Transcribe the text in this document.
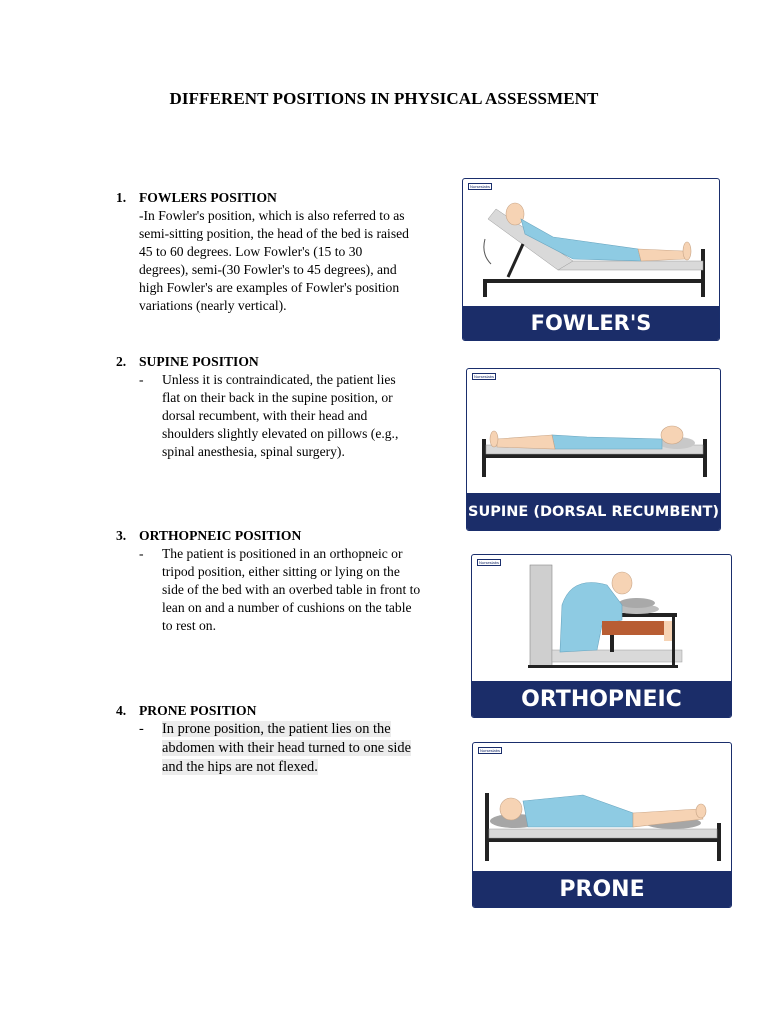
DIFFERENT POSITIONS IN PHYSICAL ASSESSMENT
1. FOWLERS POSITION
-In Fowler's position, which is also referred to as
semi-sitting position, the head of the bed is raised
45 to 60 degrees. Low Fowler's (15 to 30
degrees), semi-(30 Fowler's to 45 degrees), and
high Fowler's are examples of Fowler's position
variations (nearly vertical).
2. SUPINE POSITION
-	Unless it is contraindicated, the patient lies
flat on their back in the supine position, or
dorsal recumbent, with their head and
shoulders slightly elevated on pillows (e.g.,
spinal anesthesia, spinal surgery).
3. ORTHOPNEIC POSITION
-	The patient is positioned in an orthopneic or
tripod position, either sitting or lying on the
side of the bed with an overbed table in front to
lean on and a number of cushions on the table
to rest on.
4. PRONE POSITION
-	In prone position, the patient lies on the
abdomen with their head turned to one side
and the hips are not flexed.
Nurseslabs
FOWLER'S
Nurseslabs
SUPINE (DORSAL RECUMBENT)
Nurseslabs
ORTHOPNEIC
Nurseslabs
PRONE
